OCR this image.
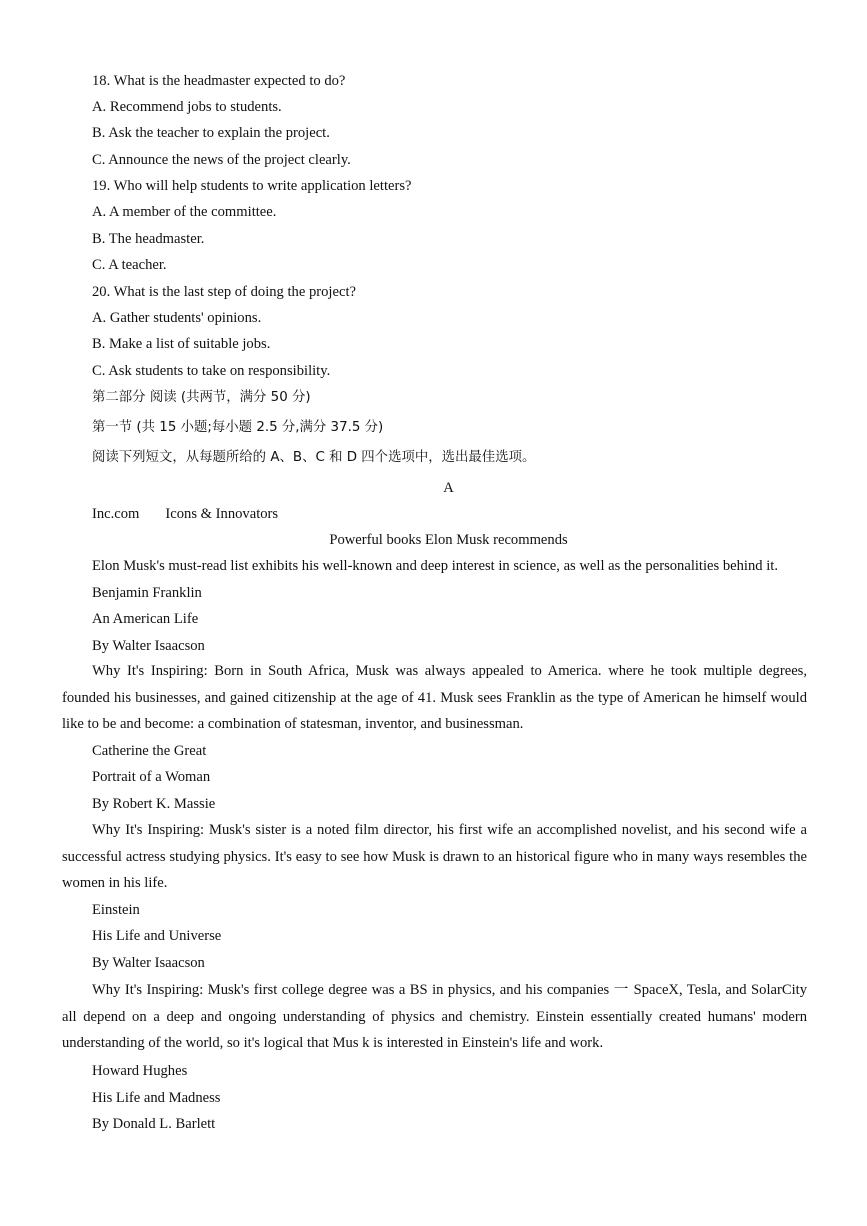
18. What is the headmaster expected to do?
A. Recommend jobs to students.
B. Ask the teacher to explain the project.
C. Announce the news of the project clearly.
19. Who will help students to write application letters?
A. A member of the committee.
B. The headmaster.
C. A teacher.
20. What is the last step of doing the project?
A. Gather students' opinions.
B. Make a list of suitable jobs.
C. Ask students to take on responsibility.
第二部分 阅读 (共两节，满分 50 分)
第一节 (共 15 小题;每小题 2.5 分,满分 37.5 分)
阅读下列短文，从每题所给的 A、B、C 和 D 四个选项中，选出最佳选项。
A
Inc.com Icons & Innovators
Powerful books Elon Musk recommends
Elon Musk's must-read list exhibits his well-known and deep interest in science, as well as the personalities behind it.
Benjamin Franklin
An American Life
By Walter Isaacson
Why It's Inspiring: Born in South Africa, Musk was always appealed to America. where he took multiple degrees, founded his businesses, and gained citizenship at the age of 41. Musk sees Franklin as the type of American he himself would like to be and become: a combination of statesman, inventor, and businessman.
Catherine the Great
Portrait of a Woman
By Robert K. Massie
Why It's Inspiring: Musk's sister is a noted film director, his first wife an accomplished novelist, and his second wife a successful actress studying physics. It's easy to see how Musk is drawn to an historical figure who in many ways resembles the women in his life.
Einstein
His Life and Universe
By Walter Isaacson
Why It's Inspiring: Musk's first college degree was a BS in physics, and his companies 一 SpaceX, Tesla, and SolarCity all depend on a deep and ongoing understanding of physics and chemistry. Einstein essentially created humans' modern understanding of the world, so it's logical that Mus k is interested in Einstein's life and work.
Howard Hughes
His Life and Madness
By Donald L. Barlett
